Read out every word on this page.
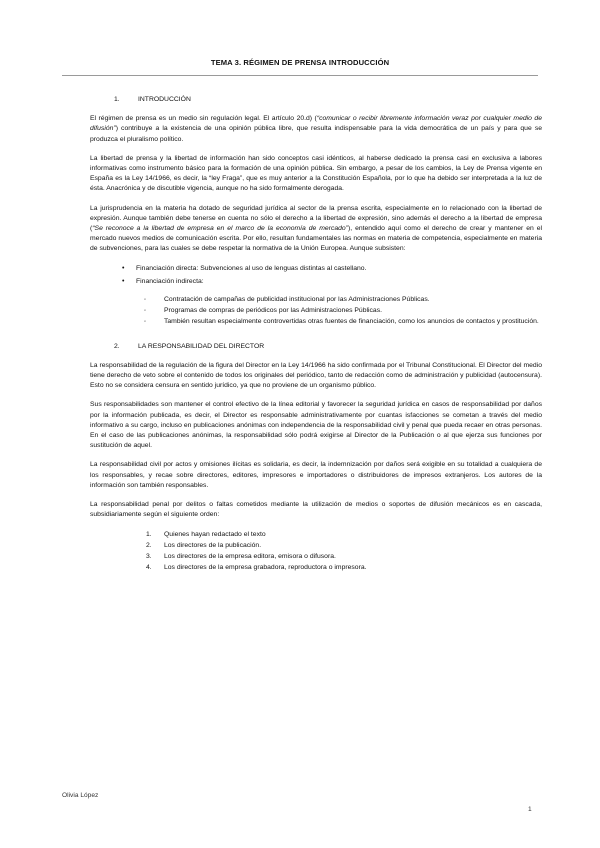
TEMA 3. RÉGIMEN DE PRENSA INTRODUCCIÓN
1.	INTRODUCCIÓN

El régimen de prensa es un medio sin regulación legal. El artículo 20.d) (“comunicar o recibir libremente información veraz por cualquier medio de difusión”) contribuye a la existencia de una opinión pública libre, que resulta indispensable para la vida democrática de un país y para que se produzca el pluralismo político.

La libertad de prensa y la libertad de información han sido conceptos casi idénticos, al haberse dedicado la prensa casi en exclusiva a labores informativas como instrumento básico para la formación de una opinión pública. Sin embargo, a pesar de los cambios, la Ley de Prensa vigente en España es la Ley 14/1966, es decir, la “ley Fraga”, que es muy anterior a la Constitución Española, por lo que ha debido ser interpretada a la luz de ésta. Anacrónica y de discutible vigencia, aunque no ha sido formalmente derogada.

La jurisprudencia en la materia ha dotado de seguridad jurídica al sector de la prensa escrita, especialmente en lo relacionado con la libertad de expresión. Aunque también debe tenerse en cuenta no sólo el derecho a la libertad de expresión, sino además el derecho a la libertad de empresa (“Se reconoce a la libertad de empresa en el marco de la economía de mercado”), entendido aquí como el derecho de crear y mantener en el mercado nuevos medios de comunicación escrita. Por ello, resultan fundamentales las normas en materia de competencia, especialmente en materia de subvenciones, para las cuales se debe respetar la normativa de la Unión Europea. Aunque subsisten:

• Financiación directa: Subvenciones al uso de lenguas distintas al castellano.
• Financiación indirecta:
◦ Contratación de campañas de publicidad institucional por las Administraciones Públicas.
◦ Programas de compras de periódicos por las Administraciones Públicas.
◦ También resultan especialmente controvertidas otras fuentes de financiación, como los anuncios de contactos y prostitución.
2.	LA RESPONSABILIDAD DEL DIRECTOR

La responsabilidad de la regulación de la figura del Director en la Ley 14/1966 ha sido confirmada por el Tribunal Constitucional. El Director del medio tiene derecho de veto sobre el contenido de todos los originales del periódico, tanto de redacción como de administración y publicidad (autocensura). Esto no se considera censura en sentido jurídico, ya que no proviene de un organismo público.

Sus responsabilidades son mantener el control efectivo de la línea editorial y favorecer la seguridad jurídica en casos de responsabilidad por daños por la información publicada, es decir, el Director es responsable administrativamente por cuantas isfacciones se cometan a través del medio informativo a su cargo, incluso en publicaciones anónimas con independencia de la responsabilidad civil y penal que pueda recaer en otras personas. En el caso de las publicaciones anónimas, la responsabilidad sólo podrá exigirse al Director de la Publicación o al que ejerza sus funciones por sustitución de aquel.

La responsabilidad civil por actos y omisiones ilícitas es solidaria, es decir, la indemnización por daños será exigible en su totalidad a cualquiera de los responsables, y recae sobre directores, editores, impresores e importadores o distribuidores de impresos extranjeros. Los autores de la información son también responsables.

La responsabilidad penal por delitos o faltas cometidos mediante la utilización de medios o soportes de difusión mecánicos es en cascada, subsidiariamente según el siguiente orden:

1. Quienes hayan redactado el texto
2. Los directores de la publicación.
3. Los directores de la empresa editora, emisora o difusora.
4. Los directores de la empresa grabadora, reproductora o impresora.
Olivia López
1
